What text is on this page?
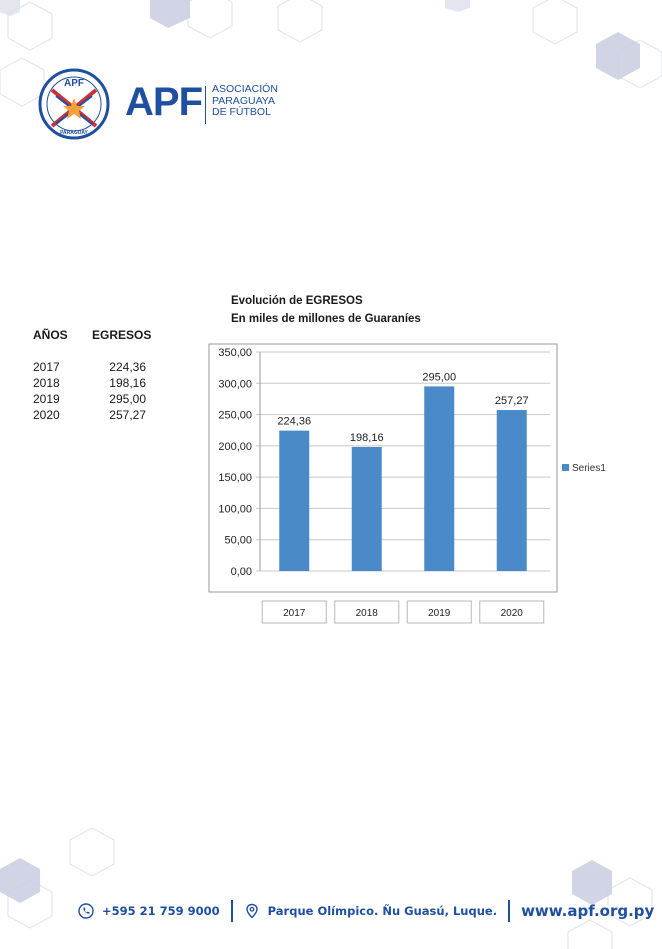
APF
PARAGUAY
APF ASOCIACIÓN
PARAGUAYA
DE FÚTBOL
AÑOS EGRESOS
2017	224,36
2018	198,16
2019	295,00
2020	257,27
Evolución de EGRESOS
En miles de millones de Guaraníes
0,00
50,00
100,00
150,00
200,00
250,00
300,00
350,00
224,36
198,16
295,00
257,27
2017	2018	2019	2020
Series1
+595 21 759 9000	Parque Olímpico. Ñu Guasú, Luque. www.apf.org.py
